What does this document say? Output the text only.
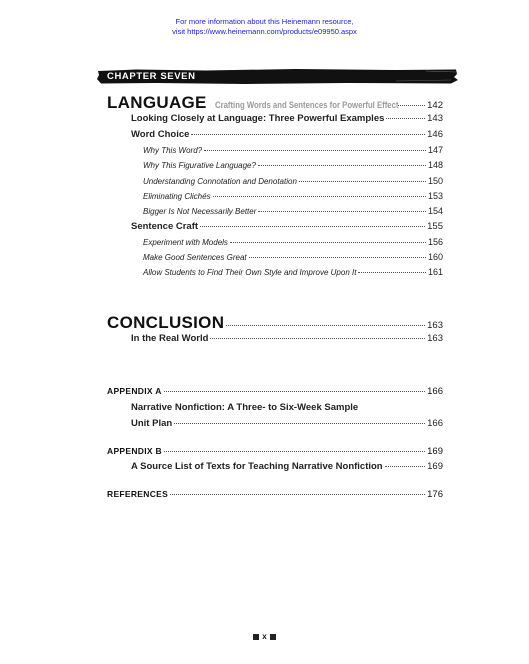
For more information about this Heinemann resource,
visit https://www.heinemann.com/products/e09950.aspx
CHAPTER SEVEN
LANGUAGE Crafting Words and Sentences for Powerful Effect	142
Looking Closely at Language: Three Powerful Examples	143
Word Choice	146
Why This Word?	147
Why This Figurative Language?	148
Understanding Connotation and Denotation	150
Eliminating Clichés	153
Bigger Is Not Necessarily Better	154
Sentence Craft	155
Experiment with Models	156
Make Good Sentences Great	160
Allow Students to Find Their Own Style and Improve Upon It	161
CONCLUSION	163
In the Real World	163
APPENDIX A	166
Narrative Nonfiction: A Three- to Six-Week Sample
Unit Plan	166
APPENDIX B	169
A Source List of Texts for Teaching Narrative Nonfiction	169
REFERENCES	176
x
